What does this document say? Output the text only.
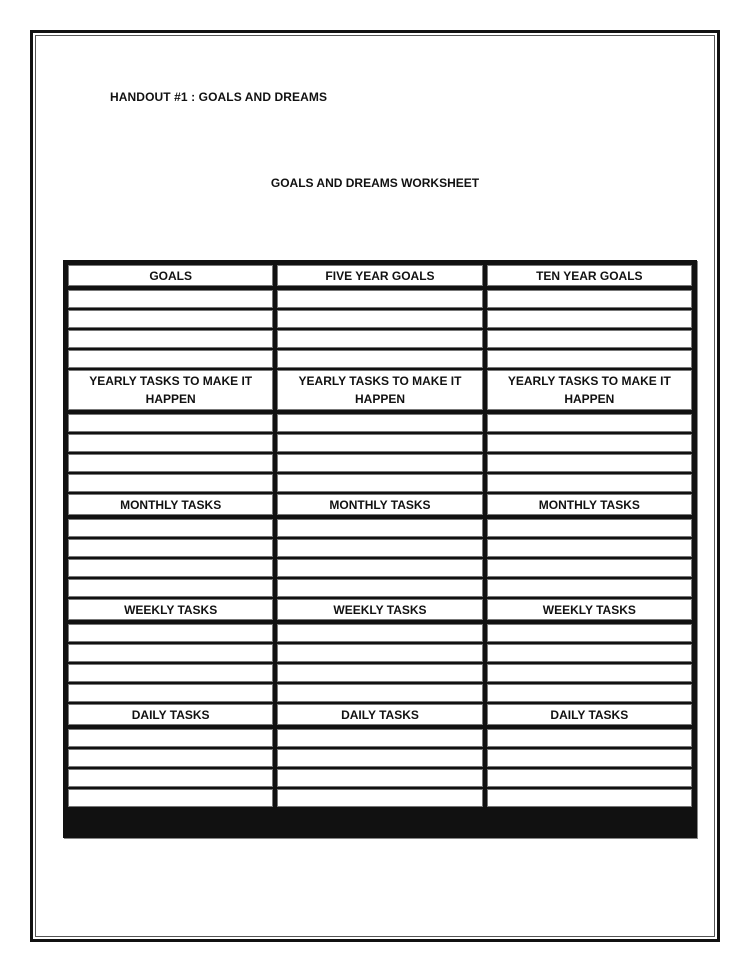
HANDOUT #1 : GOALS AND DREAMS
GOALS AND DREAMS WORKSHEET
GOALS
YEARLY TASKS TO MAKE IT HAPPEN
MONTHLY TASKS
WEEKLY TASKS
DAILY TASKS
FIVE YEAR GOALS
YEARLY TASKS TO MAKE IT HAPPEN
MONTHLY TASKS
WEEKLY TASKS
DAILY TASKS
TEN YEAR GOALS
YEARLY TASKS TO MAKE IT HAPPEN
MONTHLY TASKS
WEEKLY TASKS
DAILY TASKS
